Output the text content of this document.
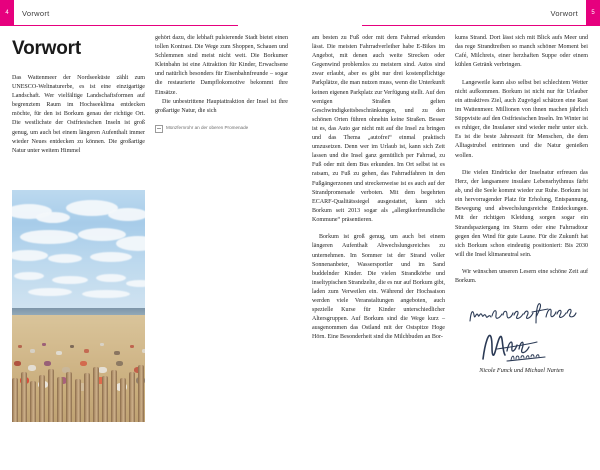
4	Vorwort
Vorwort

Das Wattenmeer der Nordseeküste zählt zum UNESCO-Weltnaturerbe, es ist eine einzigartige Landschaft. Wer vielfältige Landschaftsformen auf begrenztem Raum im Hochseeklima entdecken möchte, für den ist Borkum genau der richtige Ort. Die westlichste der Ostfriesischen Inseln ist groß genug, um auch bei einem längeren Aufenthalt immer wieder Neues entdecken zu können. Die großartige Natur unter weitem Himmel

gehört dazu, die lebhaft pulsierende Stadt bietet einen tollen Kontrast. Die Wege zum Shoppen, Schauen und Schlemmen sind meist nicht weit. Die Borkumer Kleinbahn ist eine Attraktion für Kinder, Erwachsene und natürlich besonders für Eisenbahnfreunde – sogar die restaurierte Dampflokomotive bekommt ihre Einsätze.

Die unbestrittene Hauptattraktion der Insel ist ihre großartige Natur, die sich

Münzfernrohr an der oberen Promenade
Vorwort	5

am besten zu Fuß oder mit dem Fahrrad erkunden lässt. Die meisten Fahrradverleiher habe E-Bikes im Angebot, mit denen auch weite Strecken oder Gegenwind problemlos zu meistern sind. Autos sind zwar erlaubt, aber es gibt nur drei kostenpflichtige Parkplätze, die man nutzen muss, wenn die Unterkunft keinen eigenen Parkplatz zur Verfügung stellt. Auf den wenigen Straßen gelten Geschwindigkeitsbeschränkungen, und zu den schönen Orten führen ohnehin keine Straßen. Besser ist es, das Auto gar nicht mit auf die Insel zu bringen und das Thema „autofrei“ einmal praktisch umzusetzen. Denn wer im Urlaub ist, kann sich Zeit lassen und die Insel ganz gemütlich per Fahrrad, zu Fuß oder mit dem Bus erkunden. Im Ort selbst ist es ratsam, zu Fuß zu gehen, das Fahrradfahren in den Fußgängerzonen und streckenweise ist es auch auf der Strandpromenade verboten. Mit dem begehrten ECARF-Qualitätssiegel ausgestattet, kann sich Borkum seit 2013 sogar als „allergikerfreundliche Kommune“ präsentieren.

Borkum ist groß genug, um auch bei einem längeren Aufenthalt Abwechslungsreiches zu unternehmen. Im Sommer ist der Strand voller Sonnenanbeter, Wassersportler und im Sand buddelnder Kinder. Die vielen Strandkörbe und inseltypischen Strandzelte, die es nur auf Borkum gibt, laden zum Verweilen ein. Während der Hochsaison werden viele Veranstaltungen angeboten, auch spezielle Kurse für Kinder unterschiedlicher Altersgruppen. Auf Borkum sind die Wege kurz – ausgenommen das Ostland mit der Ostspitze Hoge Hörn. Eine Besonderheit sind die Milchbuden an Bor-

kums Strand. Dort lässt sich mit Blick aufs Meer und das rege Strandtreiben so manch schöner Moment bei Café, Milchreis, einer herzhaften Suppe oder einem kühlen Getränk verbringen.

Langeweile kann also selbst bei schlechtem Wetter nicht aufkommen. Borkum ist nicht nur für Urlauber ein attraktives Ziel, auch Zugvögel schätzen eine Rast im Wattenmeer. Millionen von ihnen machen jährlich Stippvisite auf den Ostfriesischen Inseln. Im Winter ist es ruhiger, die Insulaner sind wieder mehr unter sich. Es ist die beste Jahreszeit für Menschen, die dem Alltagstrubel entrinnen und die Natur genießen wollen.

Die vielen Eindrücke der Inselnatur erfreuen das Herz, der langsamere insulare Lebensrhythmus färbt ab, und die Seele kommt wieder zur Ruhe. Borkum ist ein hervorragender Platz für Erholung, Entspannung, Bewegung und abwechslungsreiche Entdeckungen. Mit der richtigen Kleidung sorgen sogar ein Strandspaziergang im Sturm oder eine Fahrradtour gegen den Wind für gute Laune. Für die Zukunft hat sich Borkum schon eindeutig positioniert: Bis 2030 will die Insel klimaneutral sein.

Wir wünschen unseren Lesern eine schöne Zeit auf Borkum.

Nicole Funck und Michael Narten
